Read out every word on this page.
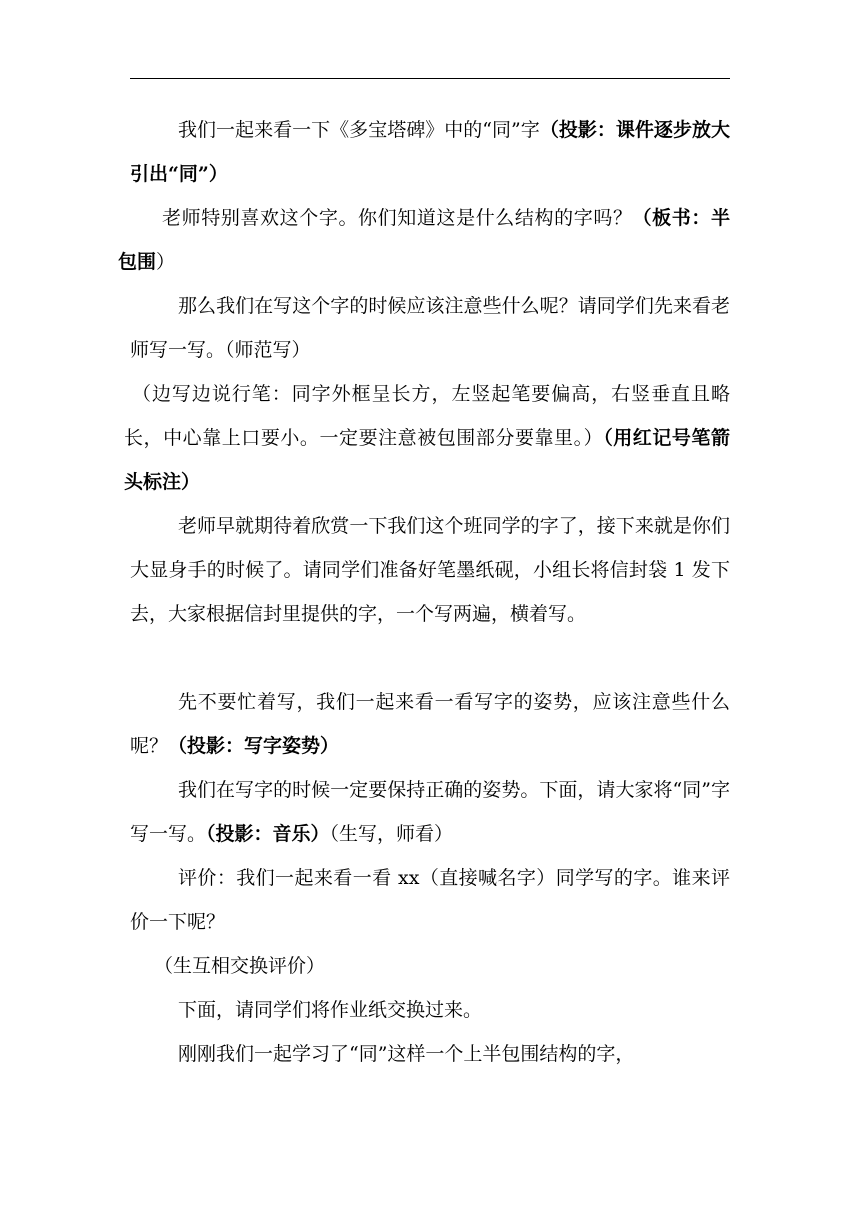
我们一起来看一下《多宝塔碑》中的“同”字（投影：课件逐步放大引出“同”）

老师特别喜欢这个字。你们知道这是什么结构的字吗？（板书：半包围）

那么我们在写这个字的时候应该注意些什么呢？请同学们先来看老师写一写。（师范写）

（边写边说行笔：同字外框呈长方，左竖起笔要偏高，右竖垂直且略长，中心靠上口要小。一定要注意被包围部分要靠里。）（用红记号笔箭头标注）

老师早就期待着欣赏一下我们这个班同学的字了，接下来就是你们大显身手的时候了。请同学们准备好笔墨纸砚，小组长将信封袋 1 发下去，大家根据信封里提供的字，一个写两遍，横着写。

先不要忙着写，我们一起来看一看写字的姿势，应该注意些什么呢？（投影：写字姿势）

我们在写字的时候一定要保持正确的姿势。下面，请大家将“同”字写一写。（投影：音乐）（生写，师看）

评价：我们一起来看一看 xx（直接喊名字）同学写的字。谁来评价一下呢？

（生互相交换评价）

下面，请同学们将作业纸交换过来。

刚刚我们一起学习了“同”这样一个上半包围结构的字，
